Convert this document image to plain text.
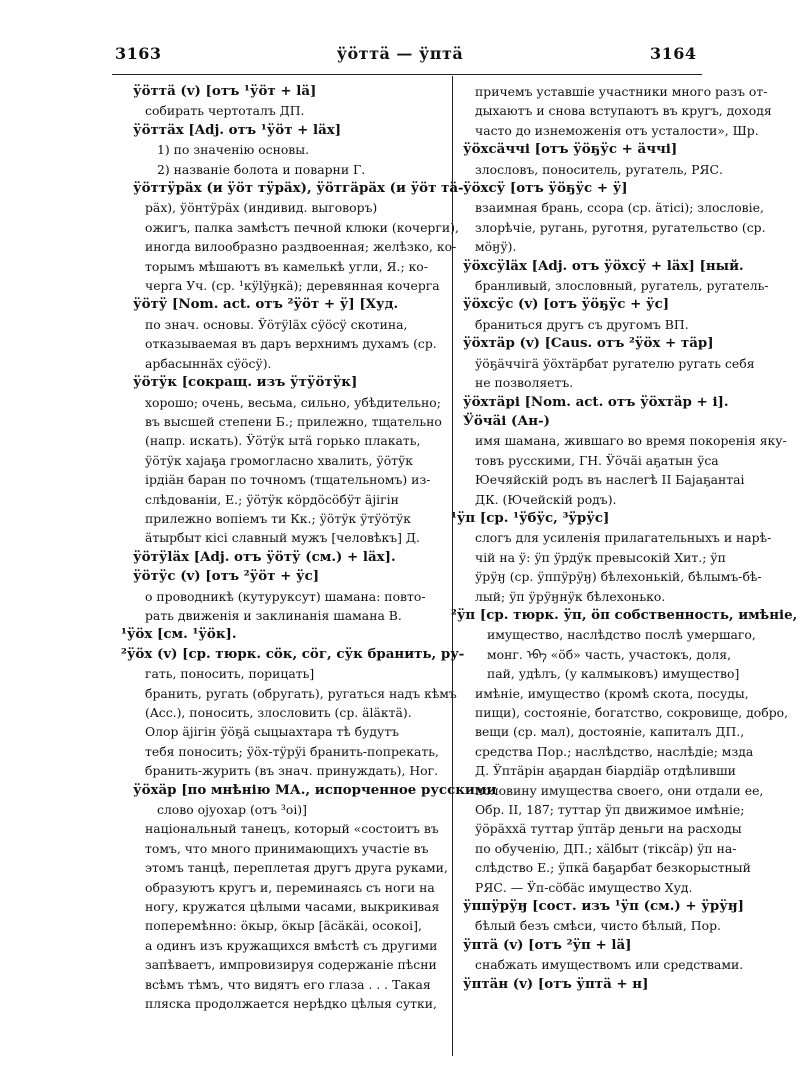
3163	ӱӧттӓ — ӱптӓ	3164
ӱӧттӓ (v) [отъ ¹ӱӧт + lӓ]
собирать чертоталъ ДП.
ӱӧттӓх [Adj. отъ ¹ӱӧт + lӓх]
1) по значенію основы.
2) названіе болота и поварни Г.
ӱӧттӱрӓх (и ӱӧт тӱрӓх), ӱӧтгӓрӓх (и ӱӧт тӓ-
рӓх), ӱӧнтӱрӓх (индивид. выговоръ)
ожигъ, палка замѣстъ печной клюки (кочерги),
иногда вилообразно раздвоенная; желѣзко, ко-
торымъ мѣшаютъ въ камелькѣ угли, Я.; ко-
черга Уч. (ср. ¹кӱlӱӈкӓ); деревянная кочерга
ӱӧтӱ [Nom. act. отъ ²ӱӧт + ӱ] [Худ.
по знач. основы. Ӱӧтӱlӓх сӱӧсӱ скотина,
отказываемая въ даръ верхнимъ духамъ (ср.
арбасыннӓх сӱӧсӱ).
ӱӧтӱк [сокращ. изъ ӱтӱӧтӱк]
хорошо; очень, весьма, сильно, убѣдительно;
въ высшей степени Б.; прилежно, тщательно
(напр. искать). Ӱӧтӱк ытӓ горько плакать,
ӱӧтӱк хаjаҕа громогласно хвалить, ӱӧтӱк
ірдіӓн баран по точномъ (тщательномъ) из-
слѣдованіи, Е.; ӱӧтӱк кӧрдӧсӧбӱт ӓjігін
прилежно вопіемъ ти Кк.; ӱӧтӱк ӱтӱӧтӱк
ӓтырбыт кісі славный мужъ [человѣкъ] Д.
ӱӧтӱlӓх [Adj. отъ ӱӧтӱ (см.) + lӓх].
ӱӧтӱс (v) [отъ ²ӱӧт + ӱс]
о проводникѣ (кутуруксут) шамана: повто-
рать движенія и заклинанія шамана В.
¹ӱӧх [см. ¹ӱӧк].
²ӱӧх (v) [ср. тюрк. сӧк, сӧг, сӱк бранить, ру-
гать, поносить, порицать]
бранить, ругать (обругать), ругаться надъ кѣмъ
(Acc.), поносить, злословить (ср. ӓlӓктӓ).
Олор ӓjігін ӱӧҕӓ сыцыахтара тѣ будутъ
тебя поносить; ӱӧх-тӱрӱі бранить-попрекать,
бранить-журить (въ знач. принуждать), Ног.
ӱӧхӓр [по мнѣнію МА., испорченное русскими
слово оjуохар (отъ ³оі)]
національный танецъ, который «состоитъ въ
томъ, что много принимающихъ участіе въ
этомъ танцѣ, переплетая другъ друга руками,
образуютъ кругъ и, переминаясь съ ноги на
ногу, кружатся цѣлыми часами, выкрикивая
поперемѣнно: ӧкыр, ӧкыр [ӓсӓкӓі, осокоі],
а одинъ изъ кружащихся вмѣстѣ съ другими
запѣваетъ, импровизируя содержаніе пѣсни
всѣмъ тѣмъ, что видятъ его глаза . . . Такая
пляска продолжается нерѣдко цѣлыя сутки,
причемъ уставшіе участники много разъ от-
дыхаютъ и снова вступаютъ въ кругъ, доходя
часто до изнеможенія отъ усталости», Шр.
ӱӧхсӓччі [отъ ӱӧҕӱс + ӓччі]
злословъ, поноситель, ругатель, РЯС.
ӱӧхсӱ [отъ ӱӧҕӱс + ӱ]
взаимная брань, ссора (ср. ӓтісі); злословіе,
злорѣчіе, ругань, руготня, ругательство (ср.
мӧӈӱ).
ӱӧхсӱlӓх [Adj. отъ ӱӧхсӱ + lӓх] [ный.
бранливый, злословный, ругатель, ругатель-
ӱӧхсӱс (v) [отъ ӱӧҕӱс + ӱс]
браниться другъ съ другомъ ВП.
ӱӧхтӓр (v) [Caus. отъ ²ӱӧх + тӓр]
ӱӧҕӓччігӓ ӱӧхтӓрбат ругателю ругать себя
не позволяетъ.
ӱӧхтӓрі [Nom. act. отъ ӱӧхтӓр + і].
Ӱӧчӓі (Ан-)
имя шамана, жившаго во время покоренія яку-
товъ русскими, ГН. Ӱӧчӓі аҕатын ӱса
Юечяйскій родъ въ наслегѣ II Баjаҕантаі
ДК. (Ючейскій родъ).
¹ӱп [ср. ¹ӱбӱс, ³ӱрӱс]
слогъ для усиленія прилагательныхъ и нарѣ-
чій на ӱ: ӱп ӱрдӱк превысокій Хит.; ӱп
ӱрӱӈ (ср. ӱппӱрӱӈ) бѣлехонькій, бѣлымъ-бѣ-
лый; ӱп ӱрӱӈнӱк бѣлехонько.
²ӱп [ср. тюрк. ӱп, ӧп собственность, имѣніе,
имущество, наслѣдство послѣ умершаго,
монг. ᠡᠪᠡ «ӧб» часть, участокъ, доля,
пай, удѣлъ, (у калмыковъ) имущество]
имѣніе, имущество (кромѣ скота, посуды,
пищи), состояніе, богатство, сокровище, добро,
вещи (ср. мал), достояніе, капиталъ ДП.,
средства Пор.; наслѣдство, наслѣдіе; мзда
Д. Ӱптӓрін аҕардан біардіӓр отдѣливши
половину имущества своего, они отдали ее,
Обр. II, 187; туттар ӱп движимое имѣніе;
ӱӧрӓххӓ туттар ӱптӓр деньги на расходы
по обученію, ДП.; хӓlбыт (тіксӓр) ӱп на-
слѣдство Е.; ӱпкӓ баҕарбат безкорыстный
РЯС. — Ӱп-сӧбӓс имущество Худ.
ӱппӱрӱӈ [сост. изъ ¹ӱп (см.) + ӱрӱӈ]
бѣлый безъ смѣси, чисто бѣлый, Пор.
ӱптӓ (v) [отъ ²ӱп + lӓ]
снабжать имуществомъ или средствами.
ӱптӓн (v) [отъ ӱптӓ + н]
